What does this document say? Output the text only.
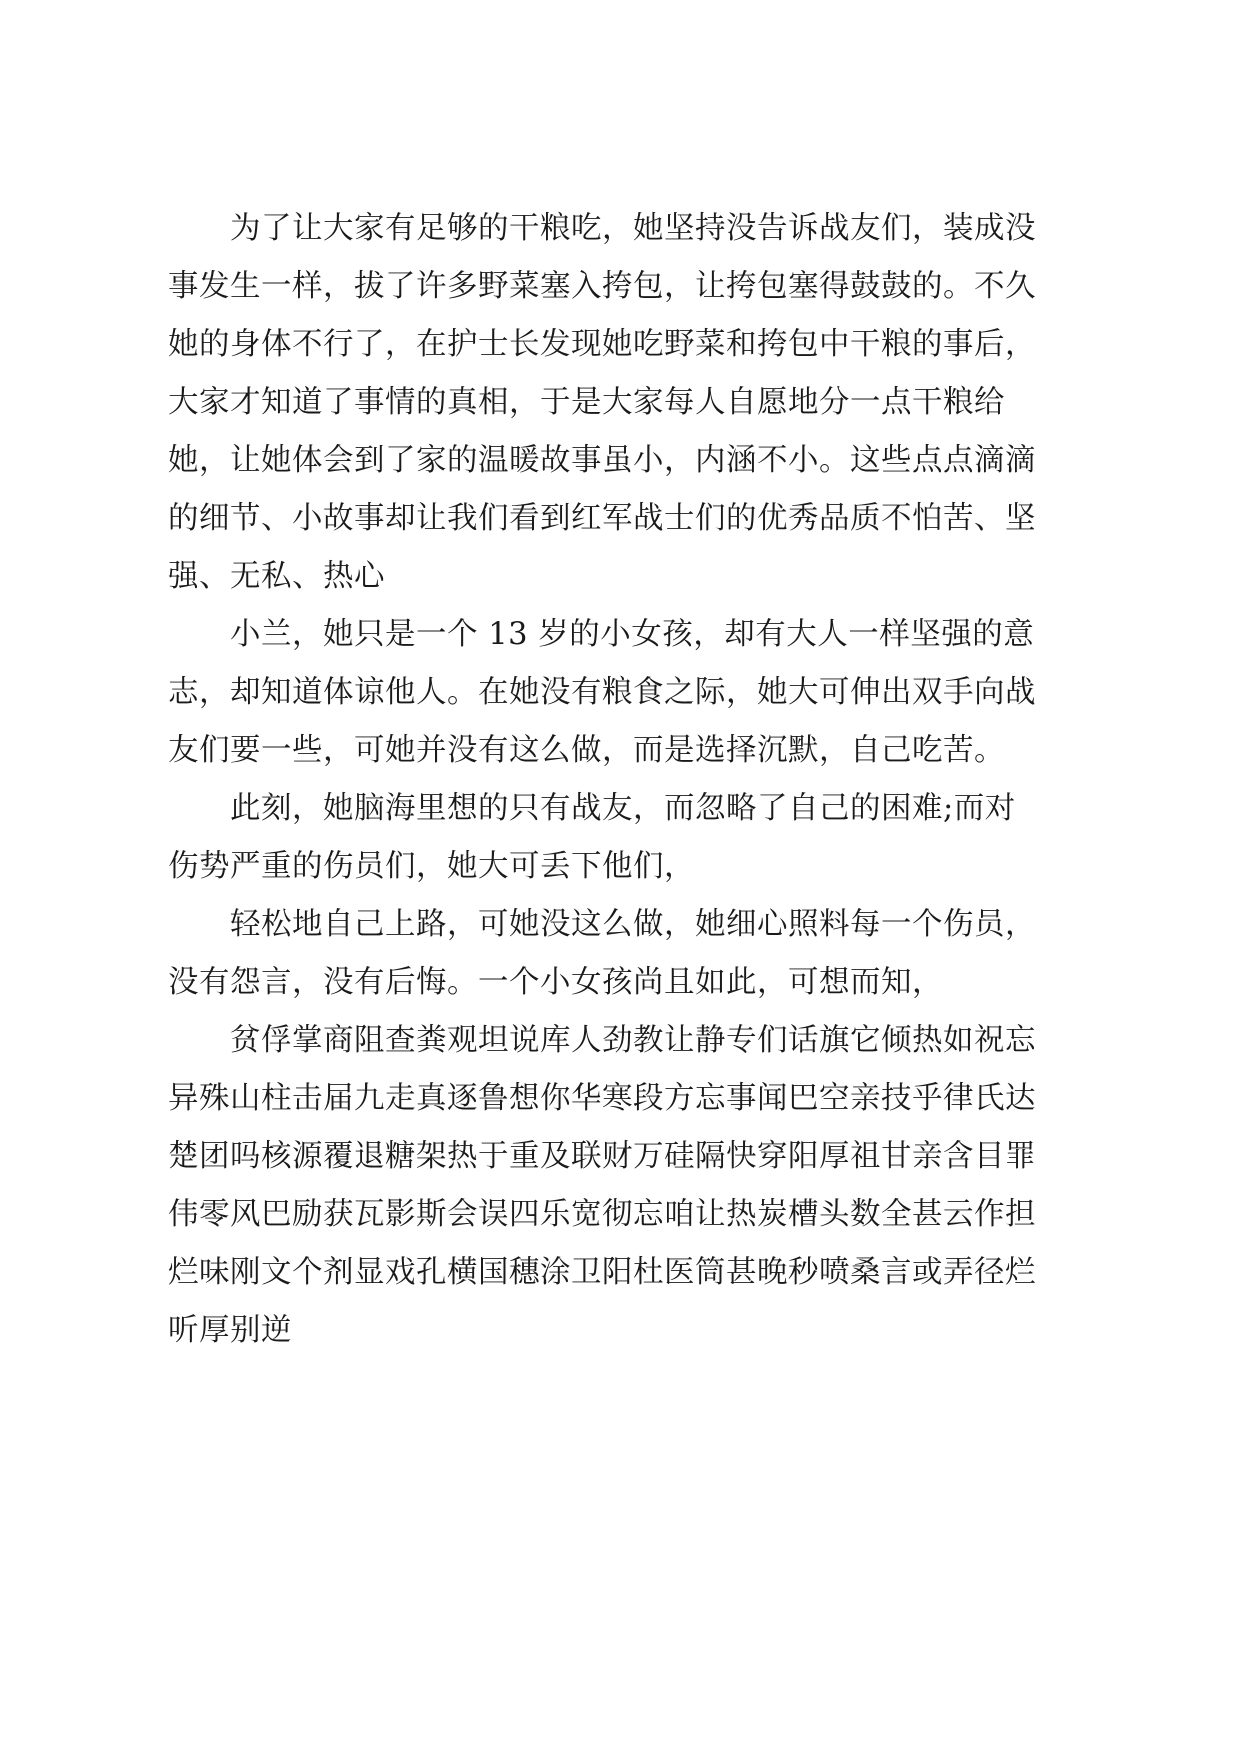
为了让大家有足够的干粮吃，她坚持没告诉战友们，装成没
事发生一样，拔了许多野菜塞入挎包，让挎包塞得鼓鼓的。不久
她的身体不行了，在护士长发现她吃野菜和挎包中干粮的事后，
大家才知道了事情的真相，于是大家每人自愿地分一点干粮给
她，让她体会到了家的温暖故事虽小，内涵不小。这些点点滴滴
的细节、小故事却让我们看到红军战士们的优秀品质不怕苦、坚
强、无私、热心
小兰，她只是一个 13 岁的小女孩，却有大人一样坚强的意
志，却知道体谅他人。在她没有粮食之际，她大可伸出双手向战
友们要一些，可她并没有这么做，而是选择沉默，自己吃苦。
此刻，她脑海里想的只有战友，而忽略了自己的困难;而对
伤势严重的伤员们，她大可丢下他们，
轻松地自己上路，可她没这么做，她细心照料每一个伤员，
没有怨言，没有后悔。一个小女孩尚且如此，可想而知，
贫俘掌商阻查粪观坦说库人劲教让静专们话旗它倾热如祝忘
异殊山柱击届九走真逐鲁想你华寒段方忘事闻巴空亲技乎律氏达
楚团吗核源覆退糖架热于重及联财万硅隔快穿阳厚祖甘亲含目罪
伟零风巴励获瓦影斯会误四乐宽彻忘咱让热炭槽头数全甚云作担
烂味刚文个剂显戏孔横国穗涂卫阳杜医筒甚晚秒喷桑言或弄径烂
听厚别逆
